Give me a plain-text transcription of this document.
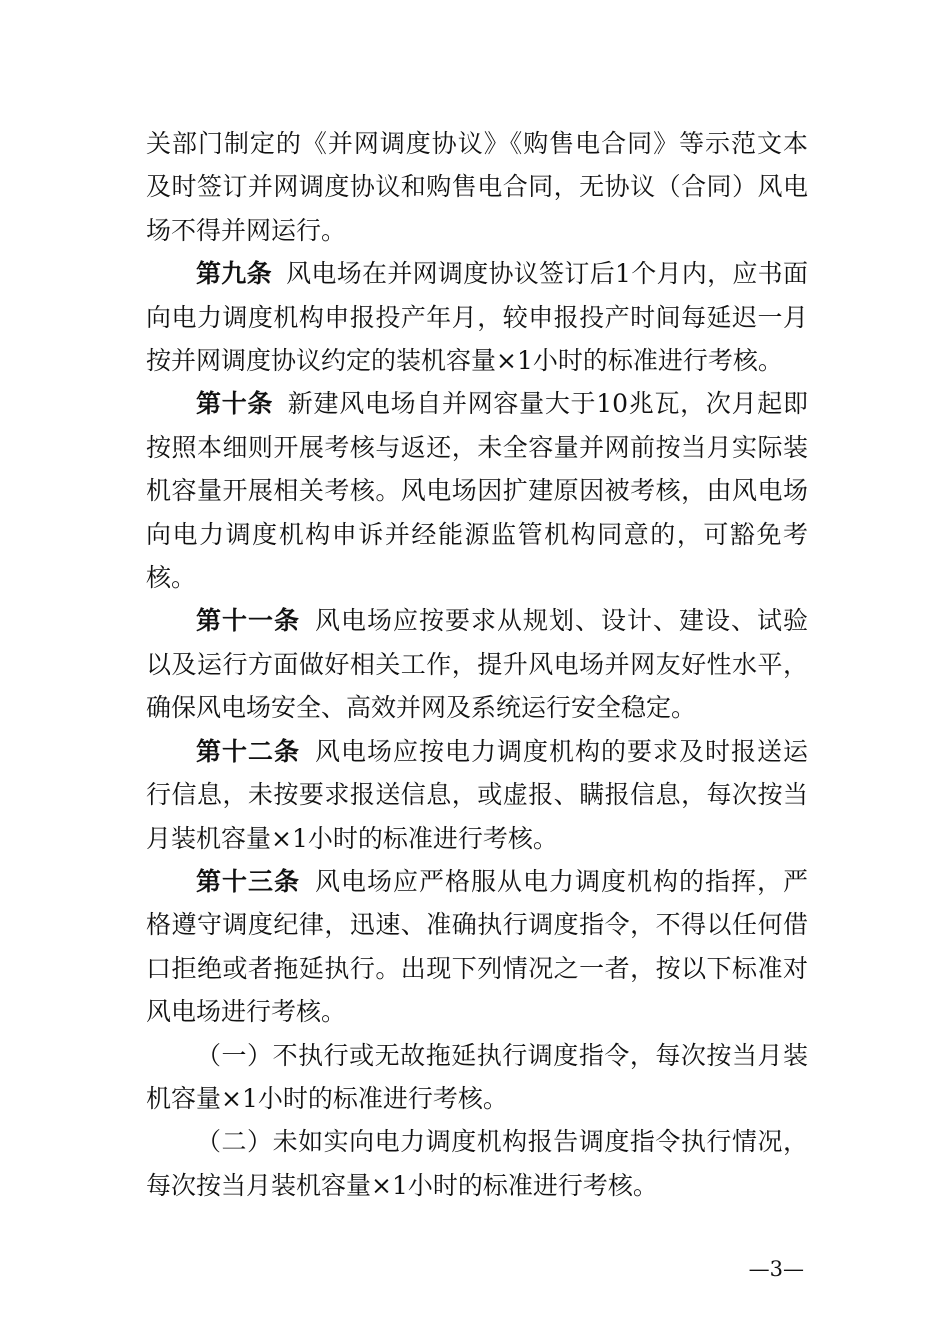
关部门制定的《并网调度协议》《购售电合同》等示范文本及时签订并网调度协议和购售电合同，无协议（合同）风电场不得并网运行。

第九条 风电场在并网调度协议签订后1个月内，应书面向电力调度机构申报投产年月，较申报投产时间每延迟一月按并网调度协议约定的装机容量×1小时的标准进行考核。

第十条 新建风电场自并网容量大于10兆瓦，次月起即按照本细则开展考核与返还，未全容量并网前按当月实际装机容量开展相关考核。风电场因扩建原因被考核，由风电场向电力调度机构申诉并经能源监管机构同意的，可豁免考核。

第十一条 风电场应按要求从规划、设计、建设、试验以及运行方面做好相关工作，提升风电场并网友好性水平，确保风电场安全、高效并网及系统运行安全稳定。

第十二条 风电场应按电力调度机构的要求及时报送运行信息，未按要求报送信息，或虚报、瞒报信息，每次按当月装机容量×1小时的标准进行考核。

第十三条 风电场应严格服从电力调度机构的指挥，严格遵守调度纪律，迅速、准确执行调度指令，不得以任何借口拒绝或者拖延执行。出现下列情况之一者，按以下标准对风电场进行考核。

（一）不执行或无故拖延执行调度指令，每次按当月装机容量×1小时的标准进行考核。

（二）未如实向电力调度机构报告调度指令执行情况，每次按当月装机容量×1小时的标准进行考核。

—3—
